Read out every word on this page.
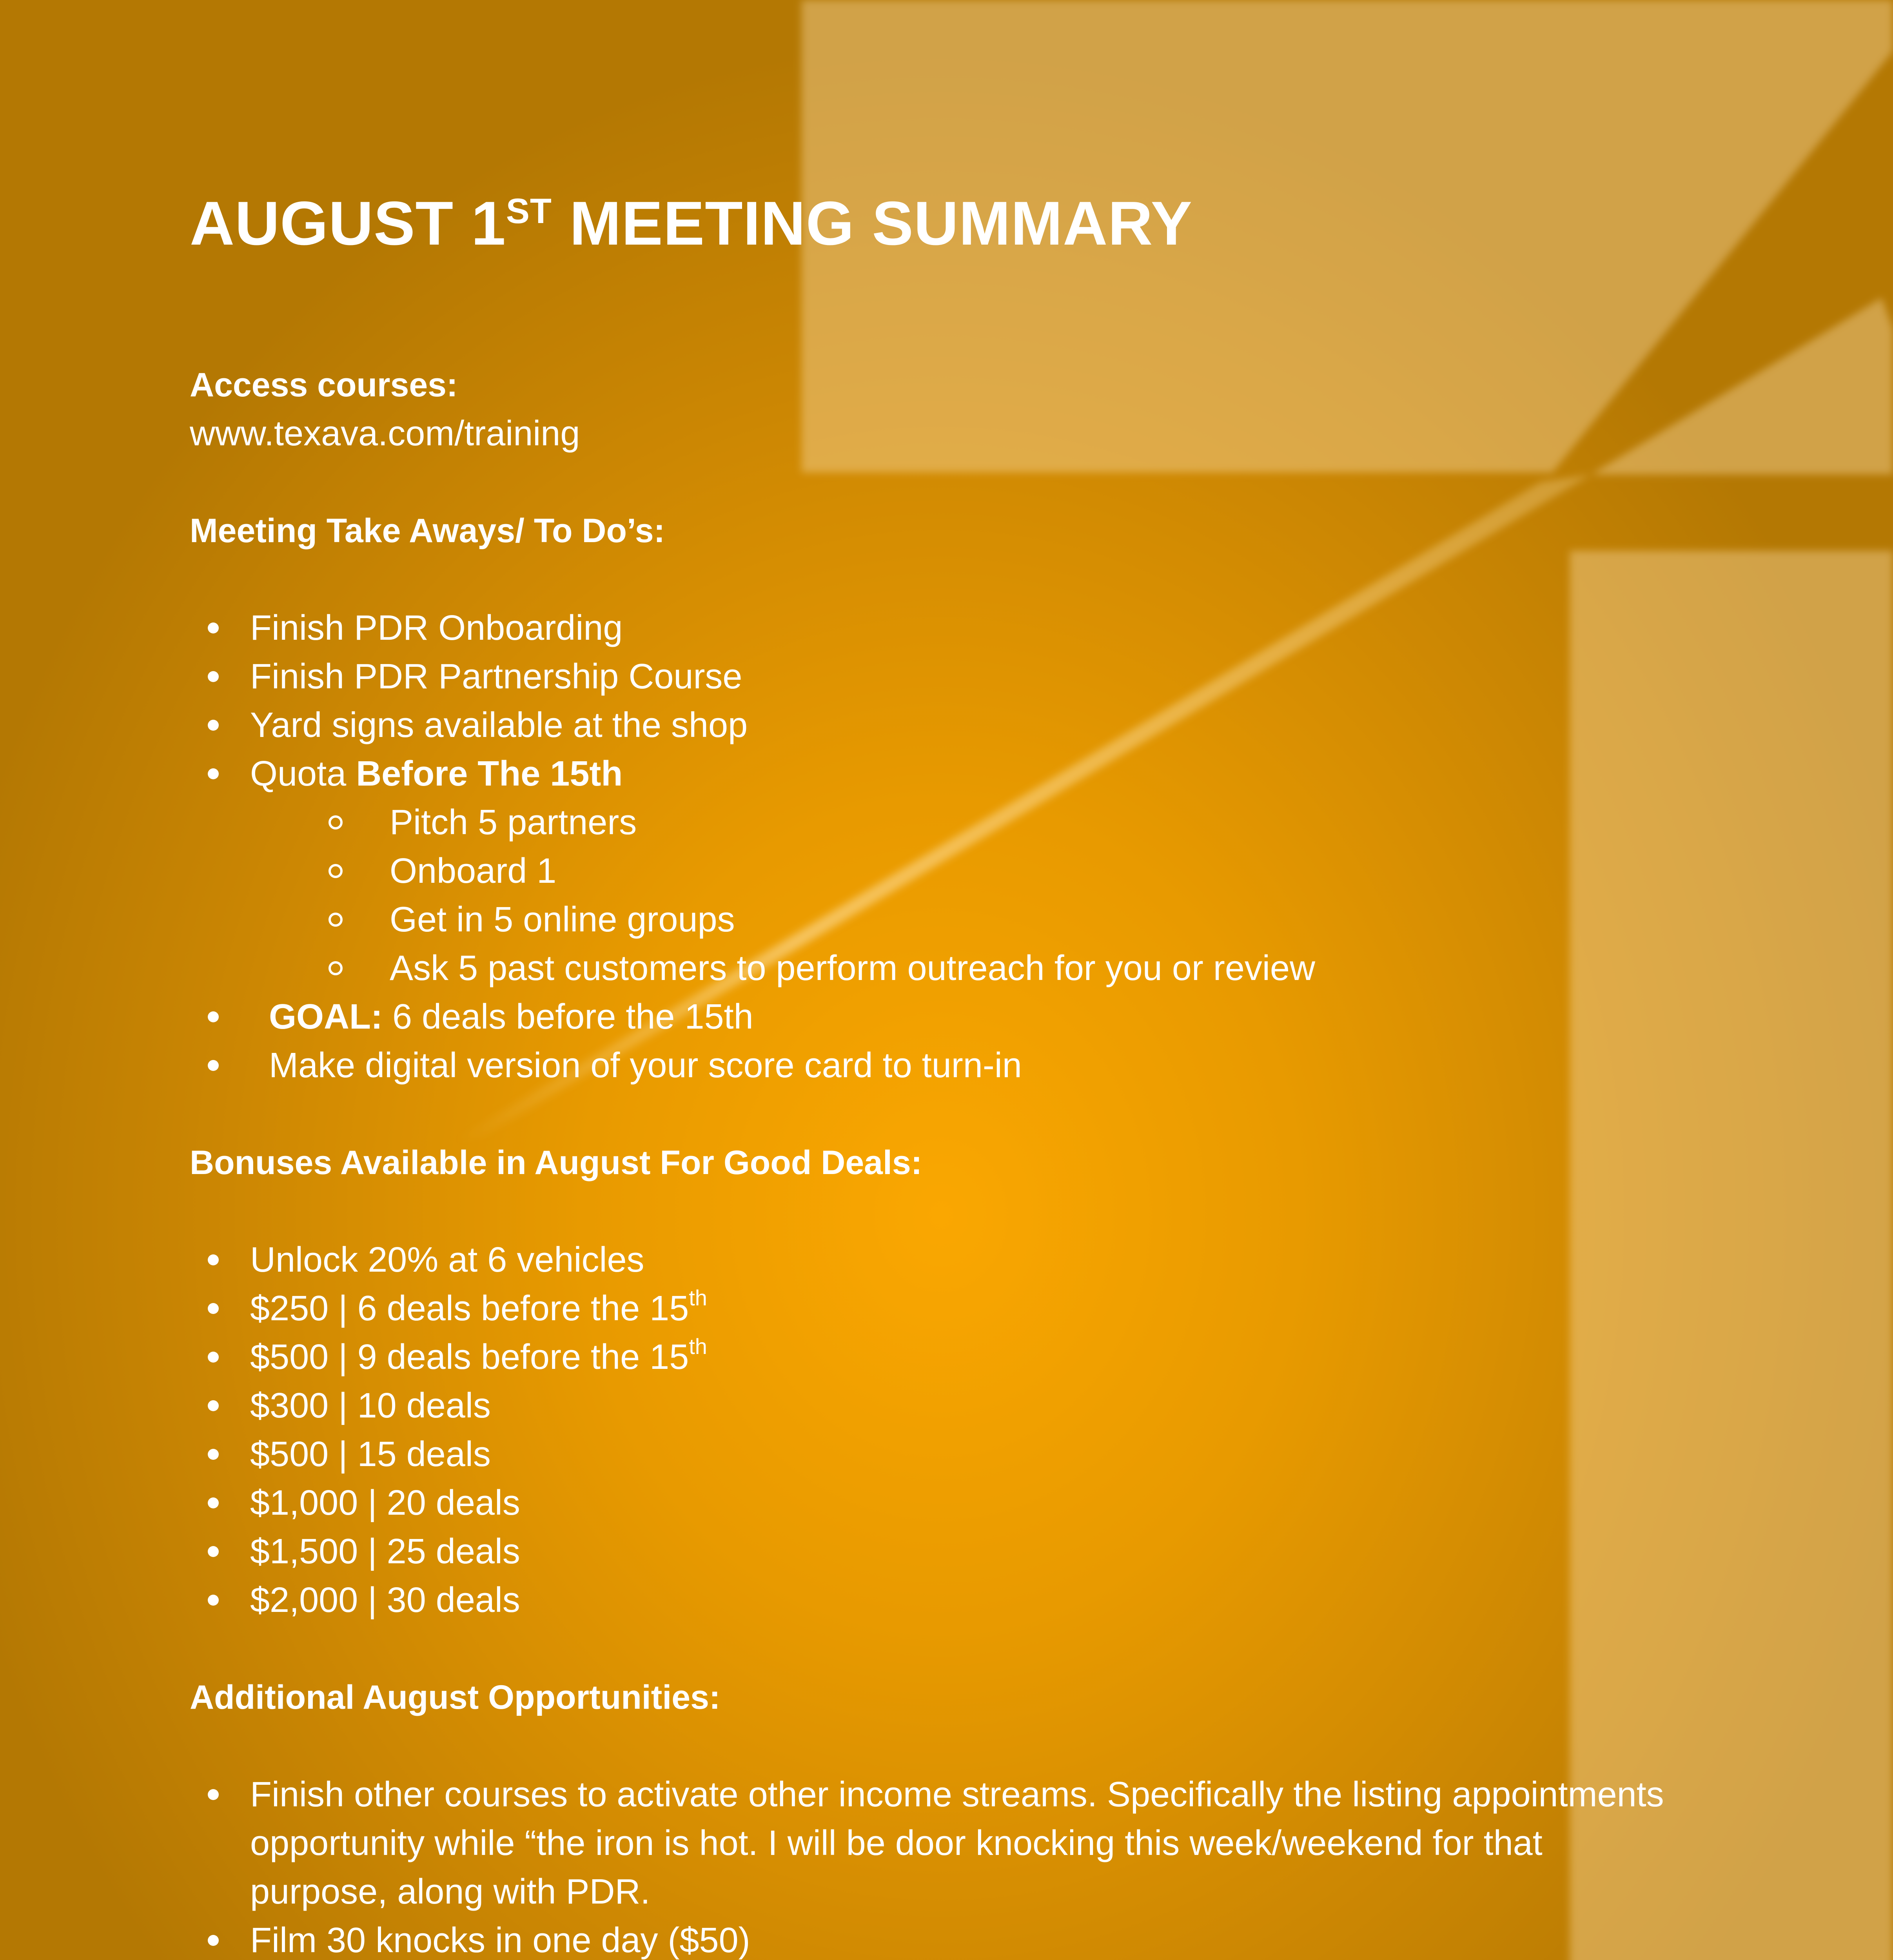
AUGUST 1ST MEETING SUMMARY

Access courses:

www.texava.com/training

Meeting Take Aways/ To Do’s:

Finish PDR Onboarding
Finish PDR Partnership Course
Yard signs available at the shop
Quota Before The 15th
Pitch 5 partners
Onboard 1
Get in 5 online groups
Ask 5 past customers to perform outreach for you or review
GOAL: 6 deals before the 15th
Make digital version of your score card to turn-in

Bonuses Available in August For Good Deals:

Unlock 20% at 6 vehicles
$250 | 6 deals before the 15th
$500 | 9 deals before the 15th
$300 | 10 deals
$500 | 15 deals
$1,000 | 20 deals
$1,500 | 25 deals
$2,000 | 30 deals

Additional August Opportunities:

Finish other courses to activate other income streams. Specifically the listing appointments opportunity while “the iron is hot. I will be door knocking this week/weekend for that purpose, along with PDR.
Film 30 knocks in one day ($50)
